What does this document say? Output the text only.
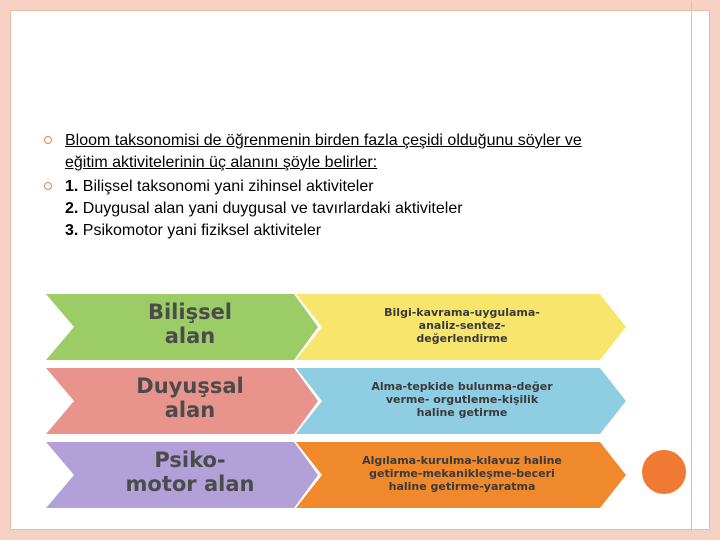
Bloom taksonomisi de öğrenmenin birden fazla çeşidi olduğunu söyler ve eğitim aktivitelerinin üç alanını şöyle belirler:
1. Bilişsel taksonomi yani zihinsel aktiviteler
2. Duygusal alan yani duygusal ve tavırlardaki aktiviteler
3. Psikomotor yani fiziksel aktiviteler
Bilişsel
alan
Bilgi-kavrama-uygulama-
analiz-sentez-
değerlendirme
Duyuşsal
alan
Alma-tepkide bulunma-değer
verme- orgutleme-kişilik
haline getirme
Psiko-
motor alan
Algılama-kurulma-kılavuz haline
getirme-mekanikleşme-beceri
haline getirme-yaratma
